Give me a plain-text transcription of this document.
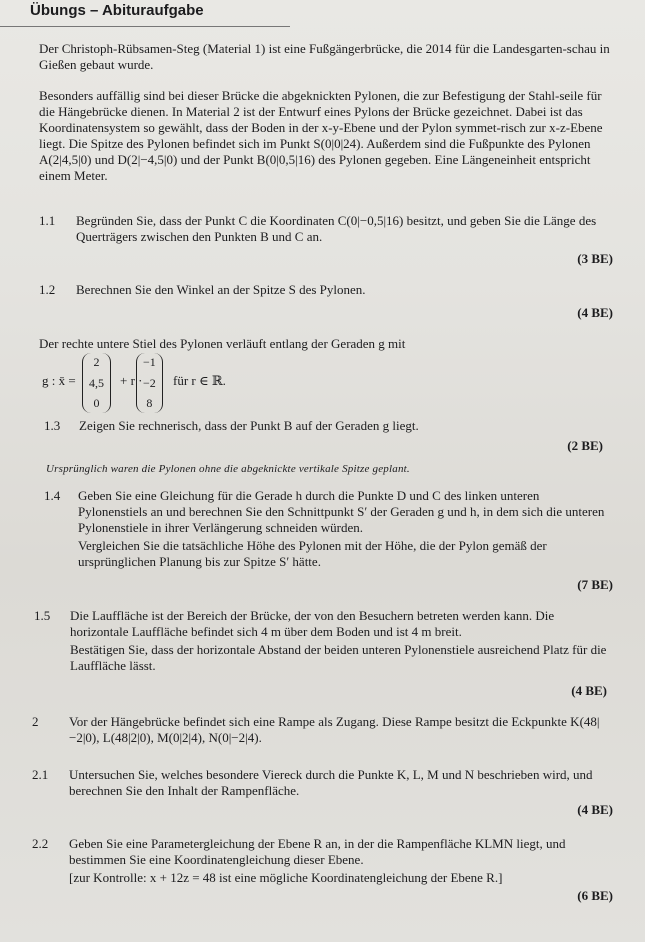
Übungs – Abituraufgabe
Der Christoph-Rübsamen-Steg (Material 1) ist eine Fußgängerbrücke, die 2014 für die Landesgarten-schau in Gießen gebaut wurde.
Besonders auffällig sind bei dieser Brücke die abgeknickten Pylonen, die zur Befestigung der Stahl-seile für die Hängebrücke dienen. In Material 2 ist der Entwurf eines Pylons der Brücke gezeichnet. Dabei ist das Koordinatensystem so gewählt, dass der Boden in der x-y-Ebene und der Pylon symmet-risch zur x-z-Ebene liegt. Die Spitze des Pylonen befindet sich im Punkt S(0|0|24). Außerdem sind die Fußpunkte des Pylonen A(2|4,5|0) und D(2|−4,5|0) und der Punkt B(0|0,5|16) des Pylonen gegeben. Eine Längeneinheit entspricht einem Meter.
1.1 Begründen Sie, dass der Punkt C die Koordinaten C(0|−0,5|16) besitzt, und geben Sie die Länge des Querträgers zwischen den Punkten B und C an.
(3 BE)
1.2 Berechnen Sie den Winkel an der Spitze S des Pylonen.
(4 BE)
Der rechte untere Stiel des Pylonen verläuft entlang der Geraden g mit
g : x̄ =
2
4,5
0
+ r ·
−1
−2
8
für r ∈ ℝ.
1.3 Zeigen Sie rechnerisch, dass der Punkt B auf der Geraden g liegt.
(2 BE)
Ursprünglich waren die Pylonen ohne die abgeknickte vertikale Spitze geplant.
1.4 Geben Sie eine Gleichung für die Gerade h durch die Punkte D und C des linken unteren Pylonenstiels an und berechnen Sie den Schnittpunkt S′ der Geraden g und h, in dem sich die unteren Pylonenstiele in ihrer Verlängerung schneiden würden.
Vergleichen Sie die tatsächliche Höhe des Pylonen mit der Höhe, die der Pylon gemäß der ursprünglichen Planung bis zur Spitze S′ hätte.
(7 BE)
1.5 Die Lauffläche ist der Bereich der Brücke, der von den Besuchern betreten werden kann. Die horizontale Lauffläche befindet sich 4 m über dem Boden und ist 4 m breit.
Bestätigen Sie, dass der horizontale Abstand der beiden unteren Pylonenstiele ausreichend Platz für die Lauffläche lässt.
(4 BE)
2 Vor der Hängebrücke befindet sich eine Rampe als Zugang. Diese Rampe besitzt die Eckpunkte K(48|−2|0), L(48|2|0), M(0|2|4), N(0|−2|4).
2.1 Untersuchen Sie, welches besondere Viereck durch die Punkte K, L, M und N beschrieben wird, und berechnen Sie den Inhalt der Rampenfläche.
(4 BE)
2.2 Geben Sie eine Parametergleichung der Ebene R an, in der die Rampenfläche KLMN liegt, und bestimmen Sie eine Koordinatengleichung dieser Ebene.
[zur Kontrolle: x + 12z = 48 ist eine mögliche Koordinatengleichung der Ebene R.]
(6 BE)
